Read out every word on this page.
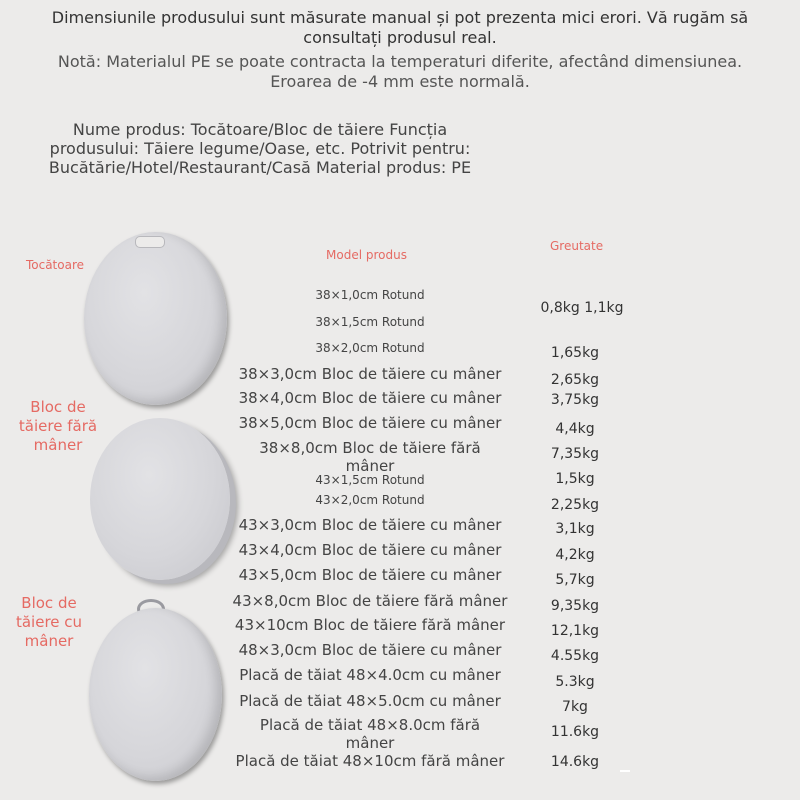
Dimensiunile produsului sunt măsurate manual și pot prezenta mici erori. Vă rugăm să consultați produsul real.
Notă: Materialul PE se poate contracta la temperaturi diferite, afectând dimensiunea. Eroarea de -4 mm este normală.
Nume produs: Tocătoare/Bloc de tăiere Funcția produsului: Tăiere legume/Oase, etc. Potrivit pentru: Bucătărie/Hotel/Restaurant/Casă Material produs: PE
Tocătoare
Bloc de tăiere fără mâner
Bloc de tăiere cu mâner
Model produs
Greutate
38×1,0cm Rotund
38×1,5cm Rotund
38×2,0cm Rotund
38×3,0cm Bloc de tăiere cu mâner
38×4,0cm Bloc de tăiere cu mâner
38×5,0cm Bloc de tăiere cu mâner
38×8,0cm Bloc de tăiere fără mâner
43×1,5cm Rotund
43×2,0cm Rotund
43×3,0cm Bloc de tăiere cu mâner
43×4,0cm Bloc de tăiere cu mâner
43×5,0cm Bloc de tăiere cu mâner
43×8,0cm Bloc de tăiere fără mâner
43×10cm Bloc de tăiere fără mâner
48×3,0cm Bloc de tăiere cu mâner
Placă de tăiat 48×4.0cm cu mâner
Placă de tăiat 48×5.0cm cu mâner
Placă de tăiat 48×8.0cm fără mâner
Placă de tăiat 48×10cm fără mâner
0,8kg 1,1kg
1,65kg
2,65kg
3,75kg
4,4kg
7,35kg
1,5kg
2,25kg
3,1kg
4,2kg
5,7kg
9,35kg
12,1kg
4.55kg
5.3kg
7kg
11.6kg
14.6kg
